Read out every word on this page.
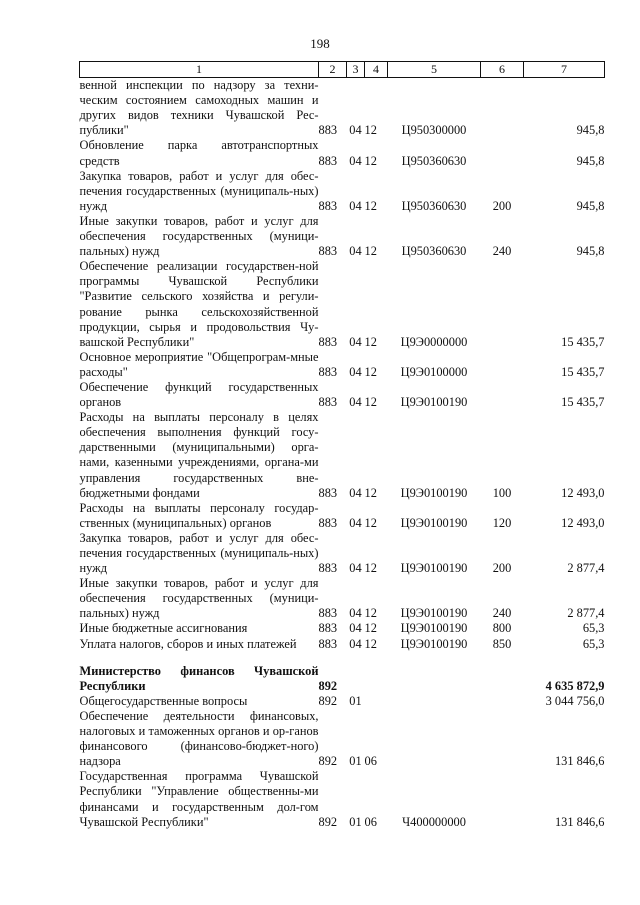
198
1	2	3	4	5	6	7
венной инспекции по надзору за техни-ческим состоянием самоходных машин и других видов техники Чувашской Рес-публики"	883	04	12	Ц950300000		945,8
Обновление парка автотранспортных средств	883	04	12	Ц950360630		945,8
Закупка товаров, работ и услуг для обес-печения государственных (муниципаль-ных) нужд	883	04	12	Ц950360630	200	945,8
Иные закупки товаров, работ и услуг для обеспечения государственных (муници-пальных) нужд	883	04	12	Ц950360630	240	945,8
Обеспечение реализации государствен-ной программы Чувашской Республики "Развитие сельского хозяйства и регули-рование рынка сельскохозяйственной продукции, сырья и продовольствия Чу-вашской Республики"	883	04	12	Ц9Э0000000		15 435,7
Основное мероприятие "Общепрограм-мные расходы"	883	04	12	Ц9Э0100000		15 435,7
Обеспечение функций государственных органов	883	04	12	Ц9Э0100190		15 435,7
Расходы на выплаты персоналу в целях обеспечения выполнения функций госу-дарственными (муниципальными) орга-нами, казенными учреждениями, органа-ми управления государственных вне-бюджетными фондами	883	04	12	Ц9Э0100190	100	12 493,0
Расходы на выплаты персоналу государ-ственных (муниципальных) органов	883	04	12	Ц9Э0100190	120	12 493,0
Закупка товаров, работ и услуг для обес-печения государственных (муниципаль-ных) нужд	883	04	12	Ц9Э0100190	200	2 877,4
Иные закупки товаров, работ и услуг для обеспечения государственных (муници-пальных) нужд	883	04	12	Ц9Э0100190	240	2 877,4
Иные бюджетные ассигнования	883	04	12	Ц9Э0100190	800	65,3
Уплата налогов, сборов и иных платежей	883	04	12	Ц9Э0100190	850	65,3

Министерство финансов Чувашской Республики	892					4 635 872,9
Общегосударственные вопросы	892	01				3 044 756,0
Обеспечение деятельности финансовых, налоговых и таможенных органов и ор-ганов финансового (финансово-бюджет-ного) надзора	892	01	06			131 846,6
Государственная программа Чувашской Республики "Управление общественны-ми финансами и государственным дол-гом Чувашской Республики"	892	01	06	Ч400000000		131 846,6
